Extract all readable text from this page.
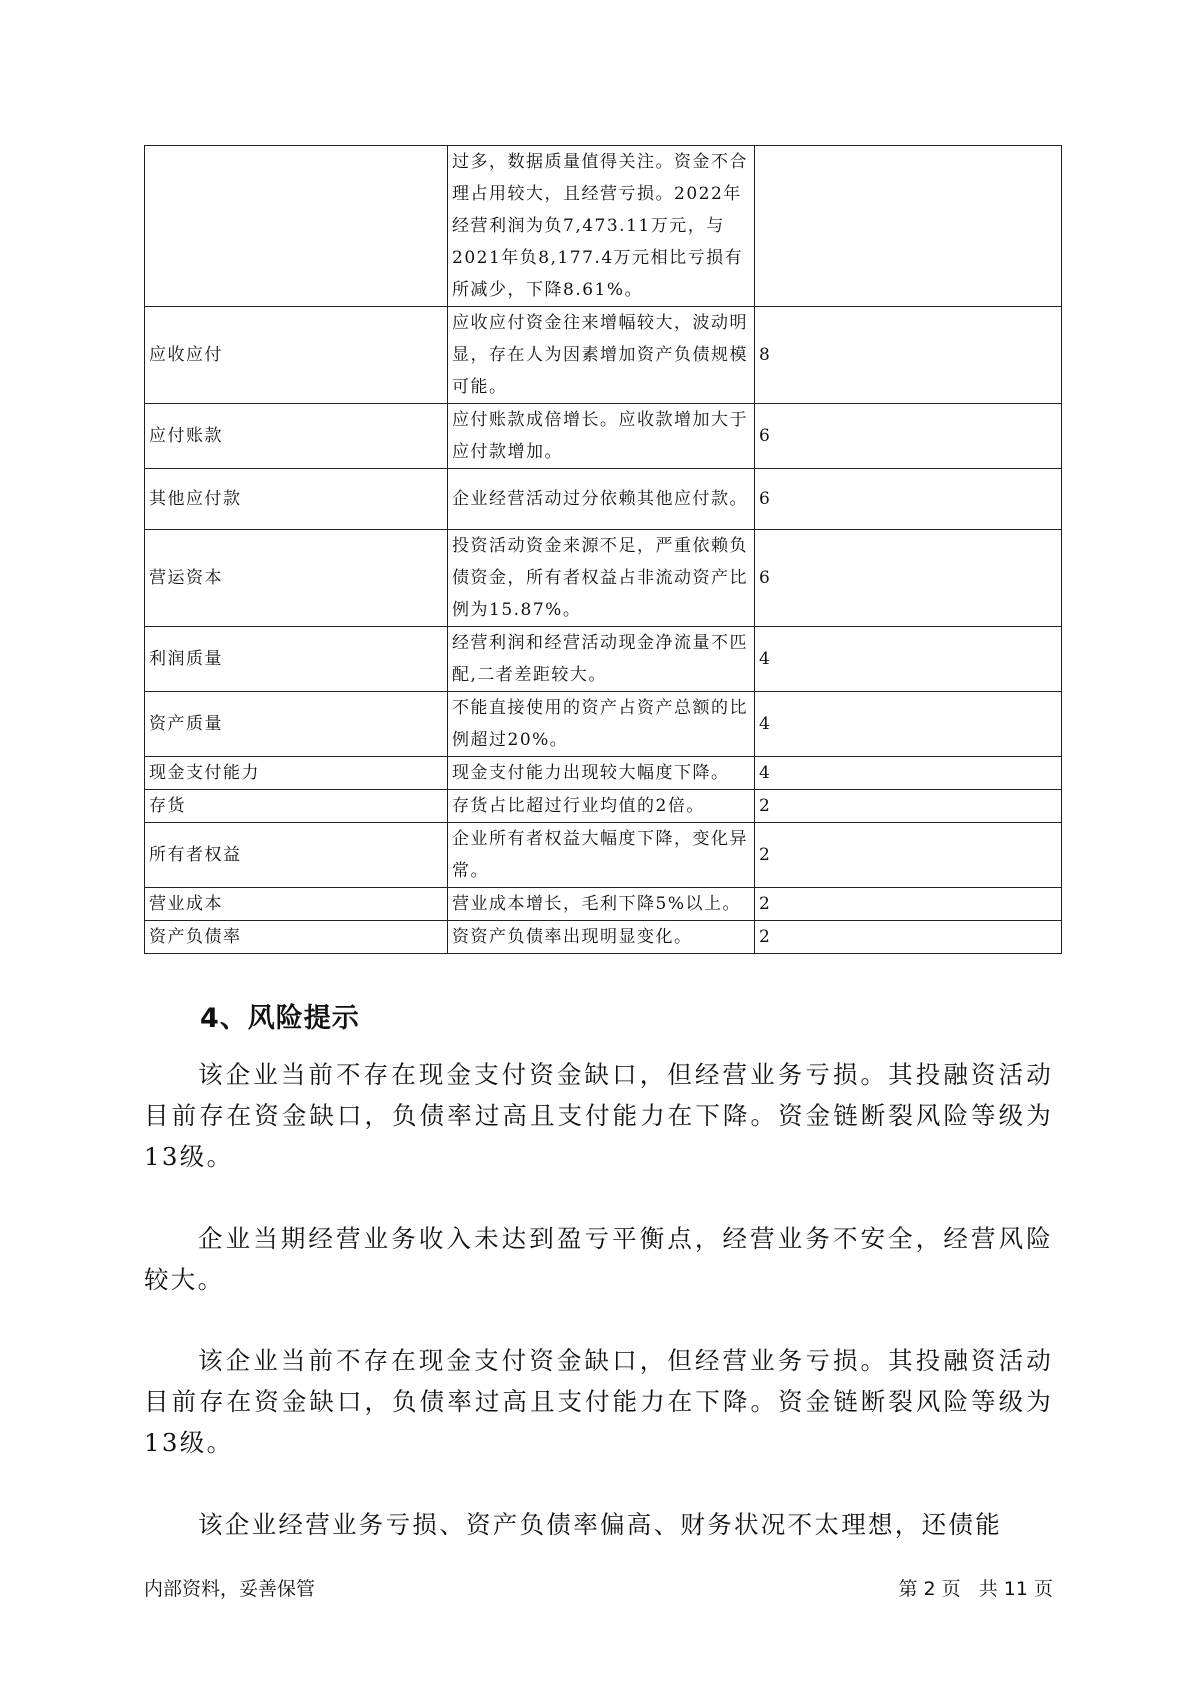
	过多，数据质量值得关注。资金不合理占用较大，且经营亏损。2022年经营利润为负7,473.11万元，与2021年负8,177.4万元相比亏损有所减少，下降8.61%。	
应收应付	应收应付资金往来增幅较大，波动明显，存在人为因素增加资产负债规模可能。	8
应付账款	应付账款成倍增长。应收款增加大于应付款增加。	6
其他应付款	企业经营活动过分依赖其他应付款。	6
营运资本	投资活动资金来源不足，严重依赖负债资金，所有者权益占非流动资产比例为15.87%。	6
利润质量	经营利润和经营活动现金净流量不匹配,二者差距较大。	4
资产质量	不能直接使用的资产占资产总额的比例超过20%。	4
现金支付能力	现金支付能力出现较大幅度下降。	4
存货	存货占比超过行业均值的2倍。	2
所有者权益	企业所有者权益大幅度下降，变化异常。	2
营业成本	营业成本增长，毛利下降5%以上。	2
资产负债率	资资产负债率出现明显变化。	2
4、风险提示

该企业当前不存在现金支付资金缺口，但经营业务亏损。其投融资活动目前存在资金缺口，负债率过高且支付能力在下降。资金链断裂风险等级为13级。

企业当期经营业务收入未达到盈亏平衡点，经营业务不安全，经营风险较大。

该企业当前不存在现金支付资金缺口，但经营业务亏损。其投融资活动目前存在资金缺口，负债率过高且支付能力在下降。资金链断裂风险等级为13级。

该企业经营业务亏损、资产负债率偏高、财务状况不太理想，还债能

内部资料，妥善保管	第 2 页   共 11 页
